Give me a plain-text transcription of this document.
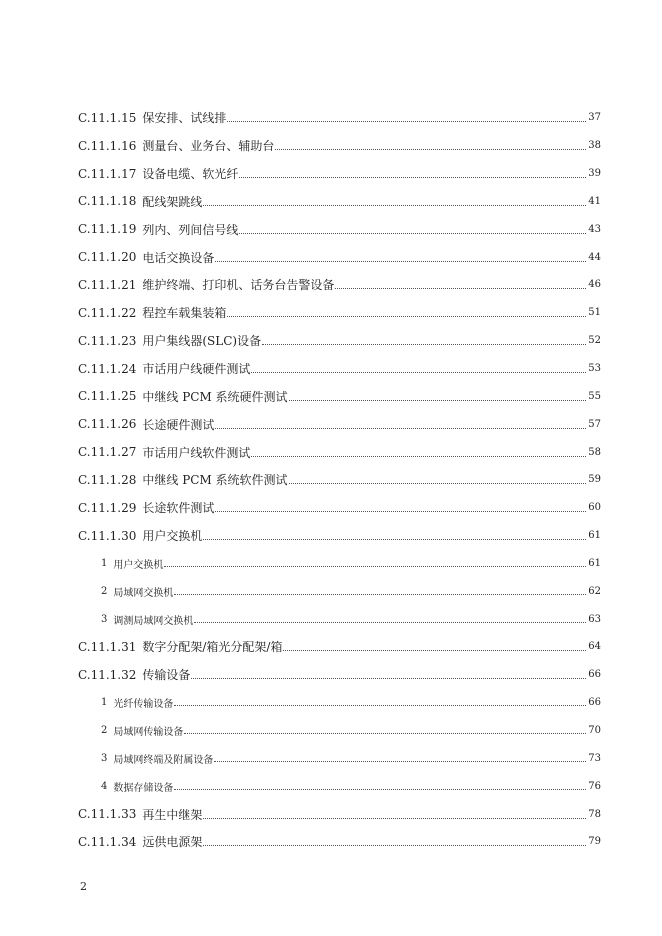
C.11.1.15 保安排、试线排	37
C.11.1.16 测量台、业务台、辅助台	38
C.11.1.17 设备电缆、软光纤	39
C.11.1.18 配线架跳线	41
C.11.1.19 列内、列间信号线	43
C.11.1.20 电话交换设备	44
C.11.1.21 维护终端、打印机、话务台告警设备	46
C.11.1.22 程控车载集装箱	51
C.11.1.23 用户集线器(SLC)设备	52
C.11.1.24 市话用户线硬件测试	53
C.11.1.25 中继线 PCM 系统硬件测试	55
C.11.1.26 长途硬件测试	57
C.11.1.27 市话用户线软件测试	58
C.11.1.28 中继线 PCM 系统软件测试	59
C.11.1.29 长途软件测试	60
C.11.1.30 用户交换机	61
1 用户交换机	61
2 局域网交换机	62
3 调测局域网交换机	63
C.11.1.31 数字分配架/箱光分配架/箱	64
C.11.1.32 传输设备	66
1 光纤传输设备	66
2 局域网传输设备	70
3 局域网终端及附属设备	73
4 数据存储设备	76
C.11.1.33 再生中继架	78
C.11.1.34 远供电源架	79
2
